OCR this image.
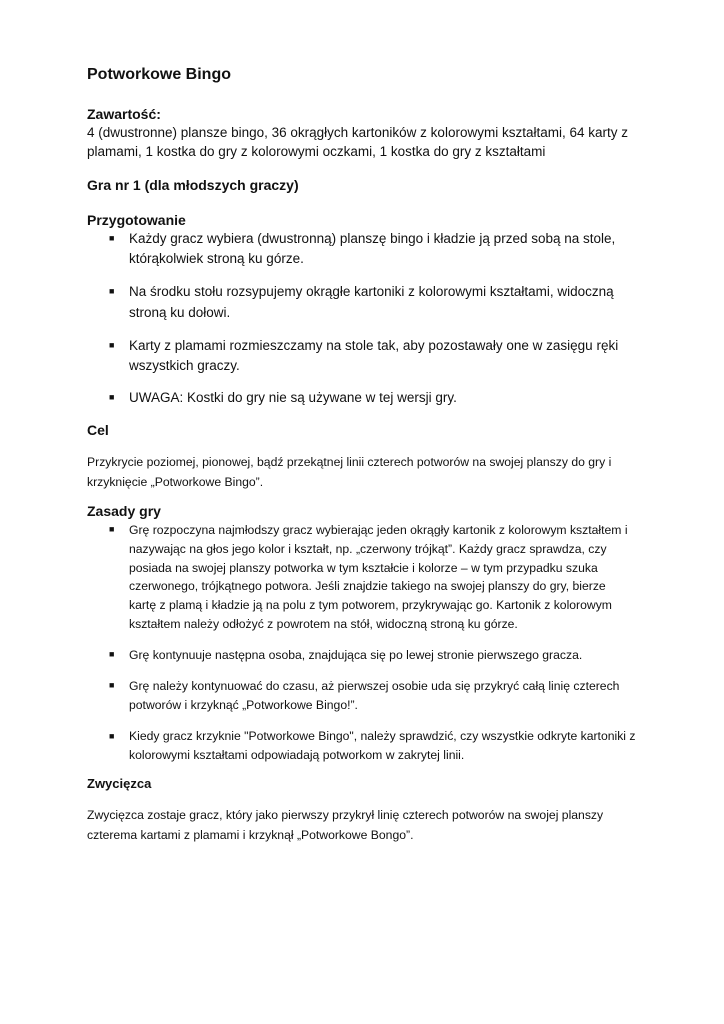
Potworkowe Bingo
Zawartość:
4 (dwustronne) plansze bingo, 36 okrągłych kartoników z kolorowymi kształtami, 64 karty z
plamami, 1 kostka do gry z kolorowymi oczkami, 1 kostka do gry z kształtami
Gra nr 1 (dla młodszych graczy)
Przygotowanie
■ Każdy gracz wybiera (dwustronną) planszę bingo i kładzie ją przed sobą na stole,
którąkolwiek stroną ku górze.
■ Na środku stołu rozsypujemy okrągłe kartoniki z kolorowymi kształtami, widoczną
stroną ku dołowi.
■ Karty z plamami rozmieszczamy na stole tak, aby pozostawały one w zasięgu ręki
wszystkich graczy.
■ UWAGA: Kostki do gry nie są używane w tej wersji gry.
Cel
Przykrycie poziomej, pionowej, bądź przekątnej linii czterech potworów na swojej planszy do gry i
krzyknięcie „Potworkowe Bingo”.
Zasady gry
■ Grę rozpoczyna najmłodszy gracz wybierając jeden okrągły kartonik z kolorowym kształtem i
nazywając na głos jego kolor i kształt, np. „czerwony trójkąt”. Każdy gracz sprawdza, czy
posiada na swojej planszy potworka w tym kształcie i kolorze – w tym przypadku szuka
czerwonego, trójkątnego potwora. Jeśli znajdzie takiego na swojej planszy do gry, bierze
kartę z plamą i kładzie ją na polu z tym potworem, przykrywając go. Kartonik z kolorowym
kształtem należy odłożyć z powrotem na stół, widoczną stroną ku górze.
■ Grę kontynuuje następna osoba, znajdująca się po lewej stronie pierwszego gracza.
■ Grę należy kontynuować do czasu, aż pierwszej osobie uda się przykryć całą linię czterech
potworów i krzyknąć „Potworkowe Bingo!”.
■ Kiedy gracz krzyknie "Potworkowe Bingo", należy sprawdzić, czy wszystkie odkryte kartoniki z
kolorowymi kształtami odpowiadają potworkom w zakrytej linii.
Zwycięzca
Zwycięzca zostaje gracz, który jako pierwszy przykrył linię czterech potworów na swojej planszy
czterema kartami z plamami i krzyknął „Potworkowe Bongo”.
